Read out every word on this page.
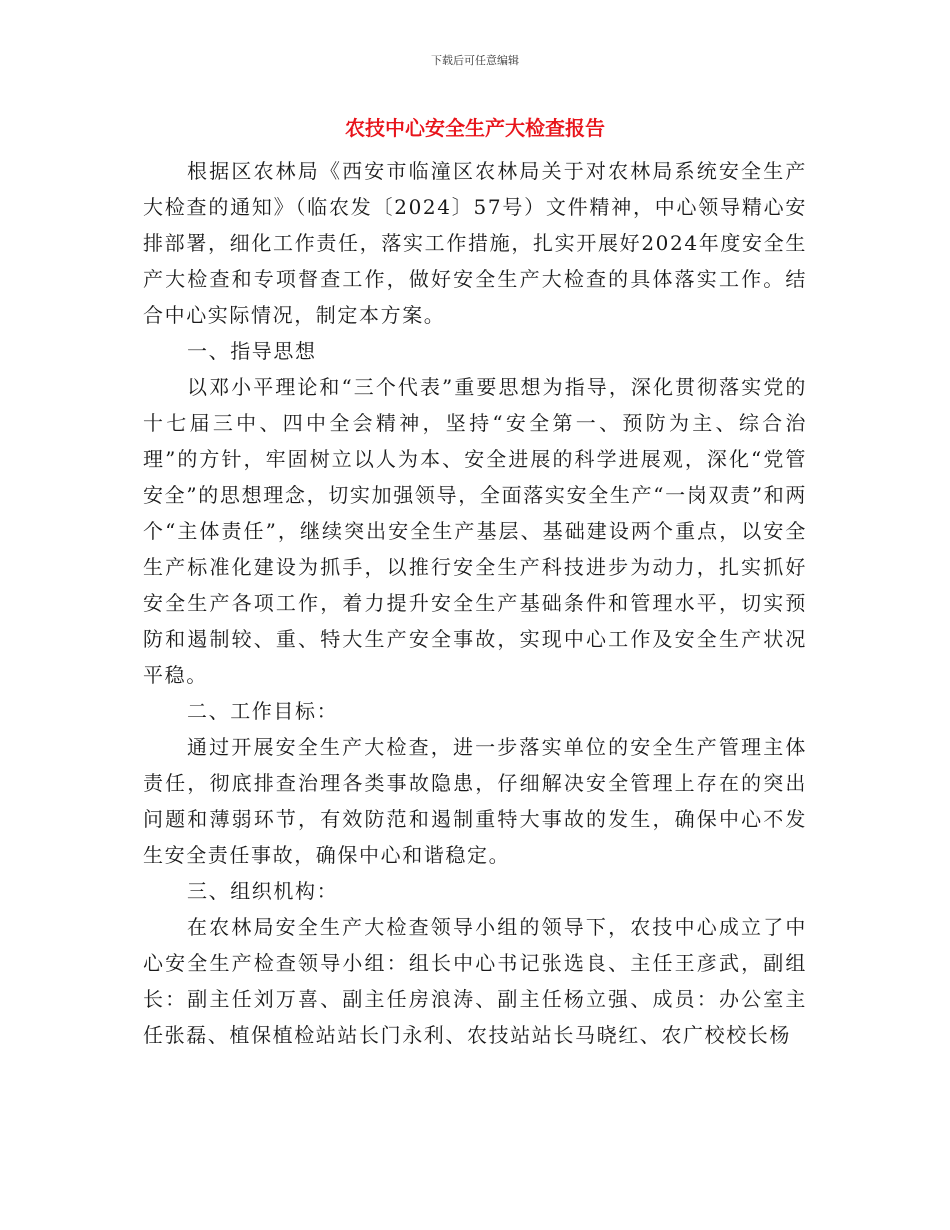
下载后可任意编辑
农技中心安全生产大检查报告

根据区农林局《西安市临潼区农林局关于对农林局系统安全生产大检查的通知》（临农发〔2024〕57号）文件精神，中心领导精心安排部署，细化工作责任，落实工作措施，扎实开展好2024年度安全生产大检查和专项督查工作，做好安全生产大检查的具体落实工作。结合中心实际情况，制定本方案。

一、指导思想

以邓小平理论和“三个代表”重要思想为指导，深化贯彻落实党的十七届三中、四中全会精神，坚持“安全第一、预防为主、综合治理”的方针，牢固树立以人为本、安全进展的科学进展观，深化“党管安全”的思想理念，切实加强领导，全面落实安全生产“一岗双责”和两个“主体责任”，继续突出安全生产基层、基础建设两个重点，以安全生产标准化建设为抓手，以推行安全生产科技进步为动力，扎实抓好安全生产各项工作，着力提升安全生产基础条件和管理水平，切实预防和遏制较、重、特大生产安全事故，实现中心工作及安全生产状况平稳。

二、工作目标：

通过开展安全生产大检查，进一步落实单位的安全生产管理主体责任，彻底排查治理各类事故隐患，仔细解决安全管理上存在的突出问题和薄弱环节，有效防范和遏制重特大事故的发生，确保中心不发生安全责任事故，确保中心和谐稳定。

三、组织机构：

在农林局安全生产大检查领导小组的领导下，农技中心成立了中心安全生产检查领导小组：组长中心书记张选良、主任王彦武，副组长：副主任刘万喜、副主任房浪涛、副主任杨立强、成员：办公室主任张磊、植保植检站站长门永利、农技站站长马晓红、农广校校长杨
